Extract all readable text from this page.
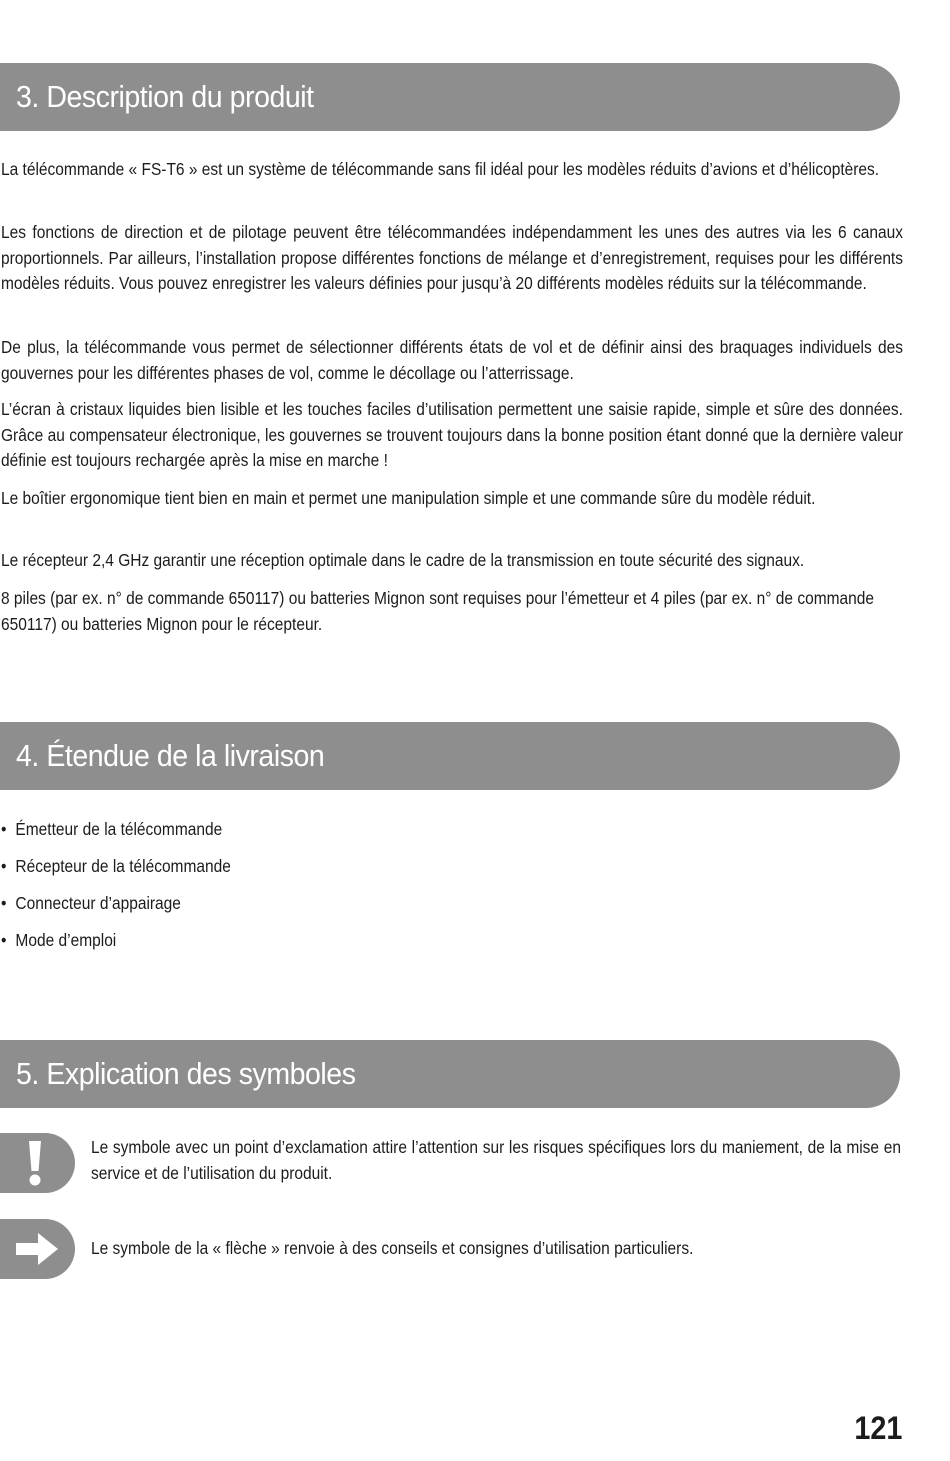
3. Description du produit

La télécommande « FS-T6 » est un système de télécommande sans fil idéal pour les modèles réduits d’avions et d’hélicoptères.

Les fonctions de direction et de pilotage peuvent être télécommandées indépendamment les unes des autres via les 6 canaux proportionnels. Par ailleurs, l’installation propose différentes fonctions de mélange et d’enregistrement, requises pour les différents modèles réduits. Vous pouvez enregistrer les valeurs définies pour jusqu’à 20 différents modèles réduits sur la télécommande.

De plus, la télécommande vous permet de sélectionner différents états de vol et de définir ainsi des braquages individuels des gouvernes pour les différentes phases de vol, comme le décollage ou l’atterrissage.

L’écran à cristaux liquides bien lisible et les touches faciles d’utilisation permettent une saisie rapide, simple et sûre des données. Grâce au compensateur électronique, les gouvernes se trouvent toujours dans la bonne position étant donné que la dernière valeur définie est toujours rechargée après la mise en marche !

Le boîtier ergonomique tient bien en main et permet une manipulation simple et une commande sûre du modèle réduit.

Le récepteur 2,4 GHz garantir une réception optimale dans le cadre de la transmission en toute sécurité des signaux.

8 piles (par ex. n° de commande 650117) ou batteries Mignon sont requises pour l’émetteur et 4 piles (par ex. n° de commande 650117) ou batteries Mignon pour le récepteur.

4. Étendue de la livraison
• Émetteur de la télécommande
• Récepteur de la télécommande
• Connecteur d’appairage
• Mode d’emploi
5. Explication des symboles

Le symbole avec un point d’exclamation attire l’attention sur les risques spécifiques lors du maniement, de la mise en service et de l’utilisation du produit.

Le symbole de la « flèche » renvoie à des conseils et consignes d’utilisation particuliers.

121
